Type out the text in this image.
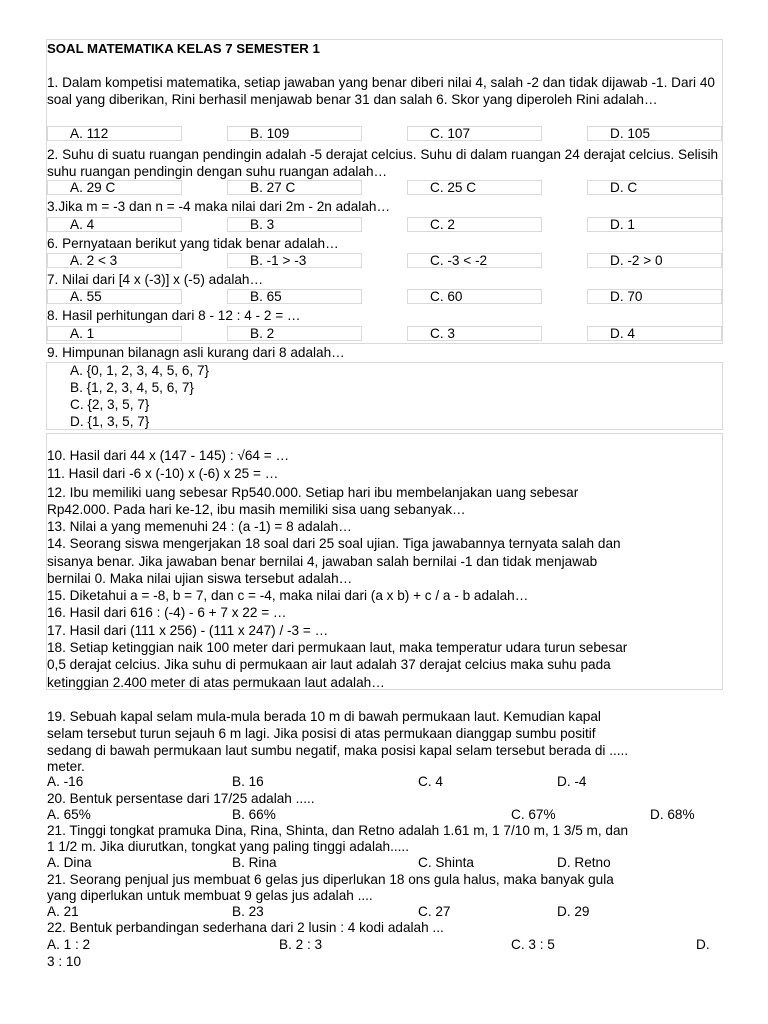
SOAL MATEMATIKA KELAS 7 SEMESTER 1
1. Dalam kompetisi matematika, setiap jawaban yang benar diberi nilai 4, salah -2 dan tidak dijawab -1. Dari 40 soal yang diberikan, Rini berhasil menjawab benar 31 dan salah 6. Skor yang diperoleh Rini adalah…
A. 112	B. 109	C. 107	D. 105
2. Suhu di suatu ruangan pendingin adalah -5 derajat celcius. Suhu di dalam ruangan 24 derajat celcius. Selisih suhu ruangan pendingin dengan suhu ruangan adalah…
A. 29 C	B. 27 C	C. 25 C	D. C
3.Jika m = -3 dan n = -4 maka nilai dari 2m - 2n adalah…
A. 4	B. 3	C. 2	D. 1
6. Pernyataan berikut yang tidak benar adalah…
A. 2 < 3	B. -1 > -3	C. -3 < -2	D. -2 > 0
7. Nilai dari [4 x (-3)] x (-5) adalah…
A. 55	B. 65	C. 60	D. 70
8. Hasil perhitungan dari 8 - 12 : 4 - 2 = …
A. 1	B. 2	C. 3	D. 4
9. Himpunan bilanagn asli kurang dari 8 adalah…
A. {0, 1, 2, 3, 4, 5, 6, 7}
B. {1, 2, 3, 4, 5, 6, 7}
C. {2, 3, 5, 7}
D. {1, 3, 5, 7}
10. Hasil dari 44 x (147 - 145) : √64 = …
11. Hasil dari -6 x (-10) x (-6) x 25 = …
12. Ibu memiliki uang sebesar Rp540.000. Setiap hari ibu membelanjakan uang sebesar
Rp42.000. Pada hari ke-12, ibu masih memiliki sisa uang sebanyak…
13. Nilai a yang memenuhi 24 : (a -1) = 8 adalah…
14. Seorang siswa mengerjakan 18 soal dari 25 soal ujian. Tiga jawabannya ternyata salah dan
sisanya benar. Jika jawaban benar bernilai 4, jawaban salah bernilai -1 dan tidak menjawab
bernilai 0. Maka nilai ujian siswa tersebut adalah…
15. Diketahui a = -8, b = 7, dan c = -4, maka nilai dari (a x b) + c / a - b adalah…
16. Hasil dari 616 : (-4) - 6 + 7 x 22 = …
17. Hasil dari (111 x 256) - (111 x 247) / -3 = …
18. Setiap ketinggian naik 100 meter dari permukaan laut, maka temperatur udara turun sebesar
0,5 derajat celcius. Jika suhu di permukaan air laut adalah 37 derajat celcius maka suhu pada
ketinggian 2.400 meter di atas permukaan laut adalah…
19. Sebuah kapal selam mula-mula berada 10 m di bawah permukaan laut. Kemudian kapal
selam tersebut turun sejauh 6 m lagi. Jika posisi di atas permukaan dianggap sumbu positif
sedang di bawah permukaan laut sumbu negatif, maka posisi kapal selam tersebut berada di .....
meter.
A. -16	B. 16	C. 4	D. -4
20. Bentuk persentase dari 17/25 adalah .....
A. 65%	B. 66%	C. 67%	D. 68%
21. Tinggi tongkat pramuka Dina, Rina, Shinta, dan Retno adalah 1.61 m, 1 7/10 m, 1 3/5 m, dan
1 1/2 m. Jika diurutkan, tongkat yang paling tinggi adalah.....
A. Dina	B. Rina	C. Shinta	D. Retno
21. Seorang penjual jus membuat 6 gelas jus diperlukan 18 ons gula halus, maka banyak gula
yang diperlukan untuk membuat 9 gelas jus adalah ....
A. 21	B. 23	C. 27	D. 29
22. Bentuk perbandingan sederhana dari 2 lusin : 4 kodi adalah ...
A. 1 : 2	B. 2 : 3	C. 3 : 5	D.
3 : 10
